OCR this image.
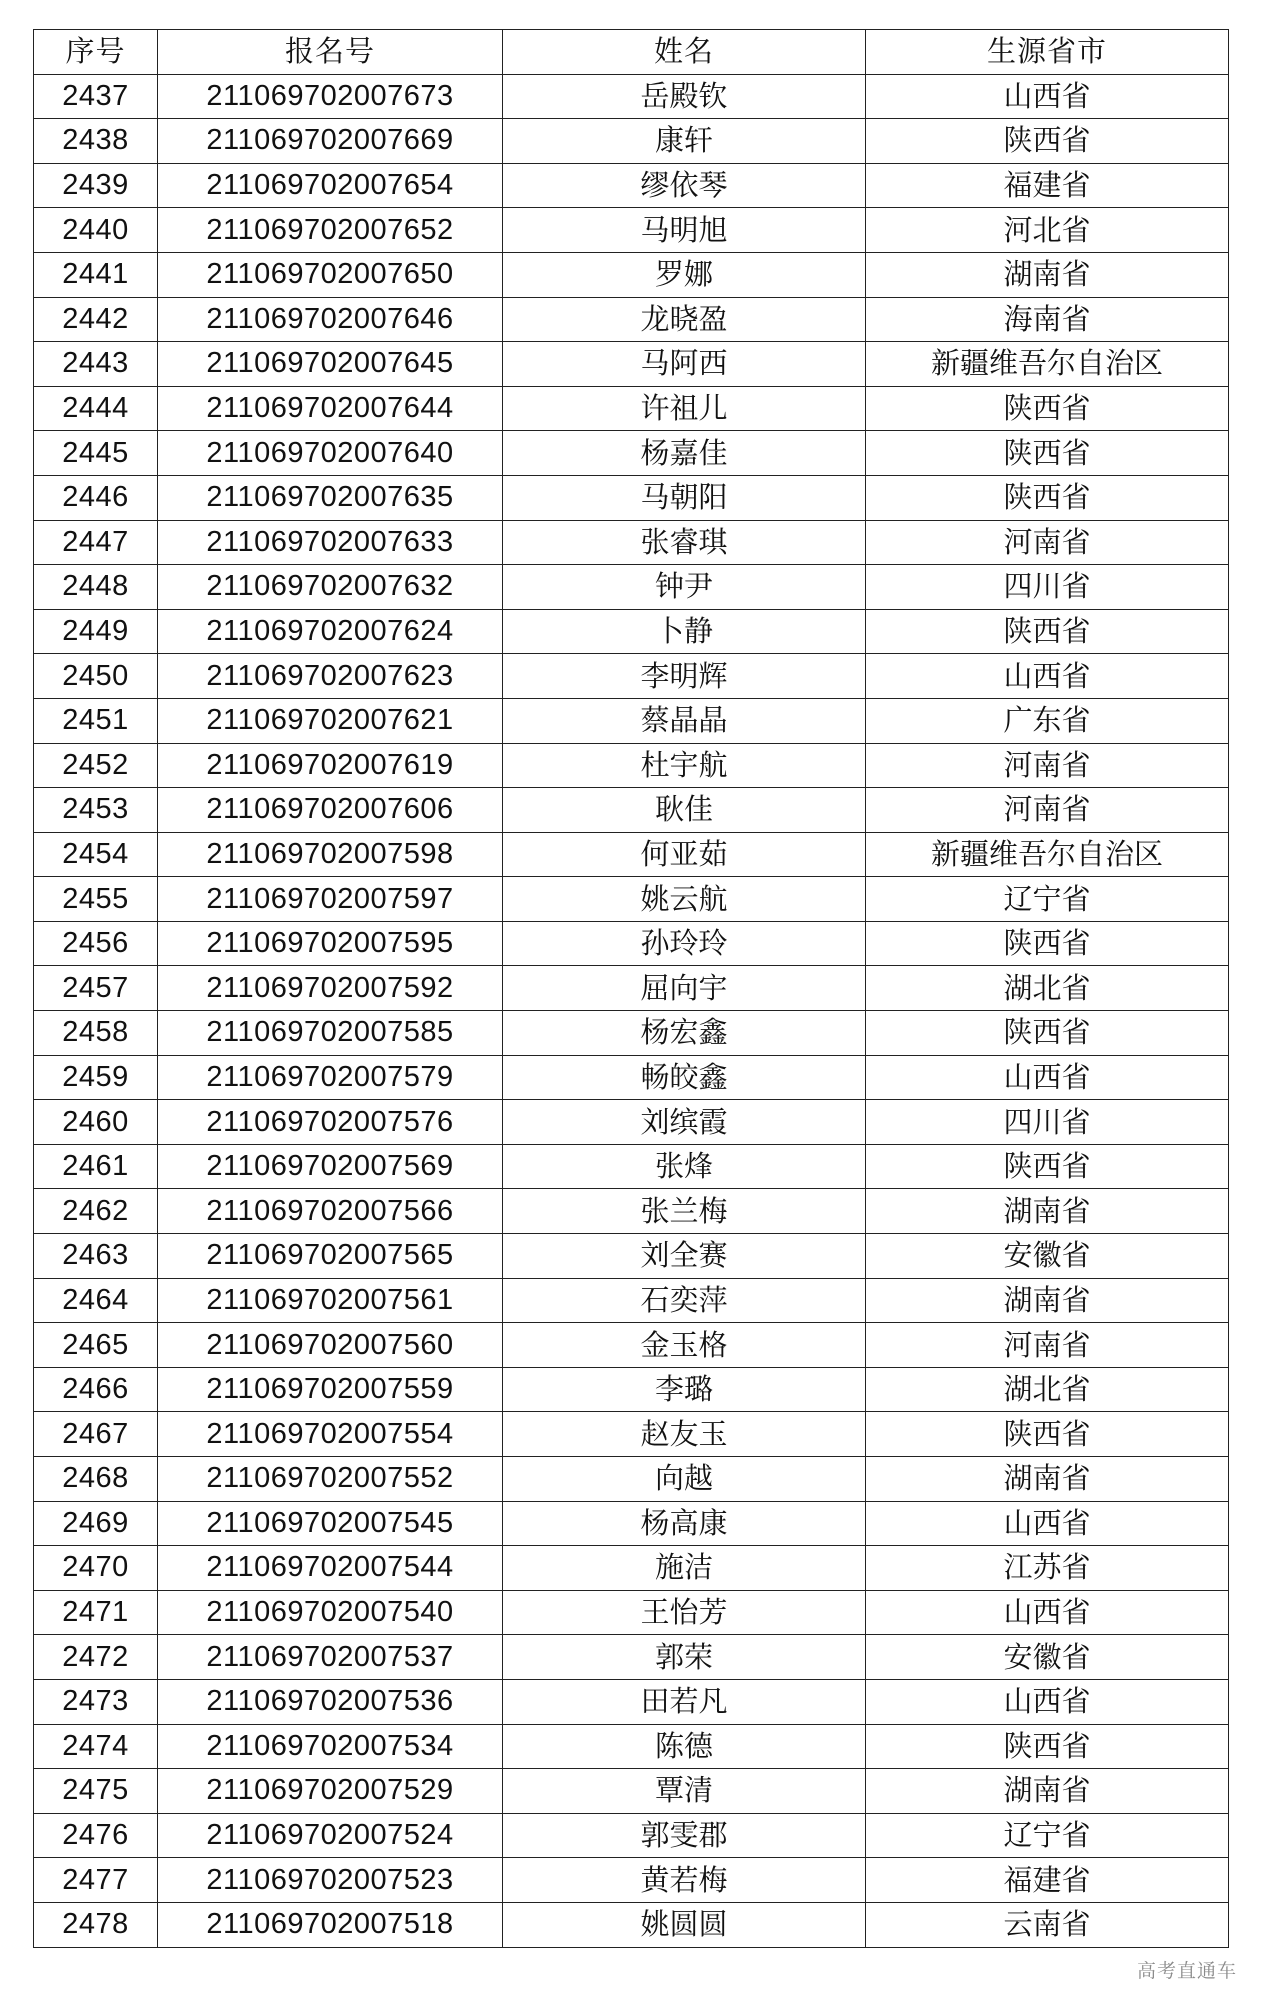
序号	报名号	姓名	生源省市
2437	211069702007673	岳殿钦	山西省
2438	211069702007669	康轩	陕西省
2439	211069702007654	缪依琴	福建省
2440	211069702007652	马明旭	河北省
2441	211069702007650	罗娜	湖南省
2442	211069702007646	龙晓盈	海南省
2443	211069702007645	马阿西	新疆维吾尔自治区
2444	211069702007644	许祖儿	陕西省
2445	211069702007640	杨嘉佳	陕西省
2446	211069702007635	马朝阳	陕西省
2447	211069702007633	张睿琪	河南省
2448	211069702007632	钟尹	四川省
2449	211069702007624	卜静	陕西省
2450	211069702007623	李明辉	山西省
2451	211069702007621	蔡晶晶	广东省
2452	211069702007619	杜宇航	河南省
2453	211069702007606	耿佳	河南省
2454	211069702007598	何亚茹	新疆维吾尔自治区
2455	211069702007597	姚云航	辽宁省
2456	211069702007595	孙玲玲	陕西省
2457	211069702007592	屈向宇	湖北省
2458	211069702007585	杨宏鑫	陕西省
2459	211069702007579	畅皎鑫	山西省
2460	211069702007576	刘缤霞	四川省
2461	211069702007569	张烽	陕西省
2462	211069702007566	张兰梅	湖南省
2463	211069702007565	刘全赛	安徽省
2464	211069702007561	石奕萍	湖南省
2465	211069702007560	金玉格	河南省
2466	211069702007559	李璐	湖北省
2467	211069702007554	赵友玉	陕西省
2468	211069702007552	向越	湖南省
2469	211069702007545	杨高康	山西省
2470	211069702007544	施洁	江苏省
2471	211069702007540	王怡芳	山西省
2472	211069702007537	郭荣	安徽省
2473	211069702007536	田若凡	山西省
2474	211069702007534	陈德	陕西省
2475	211069702007529	覃清	湖南省
2476	211069702007524	郭雯郡	辽宁省
2477	211069702007523	黄若梅	福建省
2478	211069702007518	姚圆圆	云南省
高考直通车
